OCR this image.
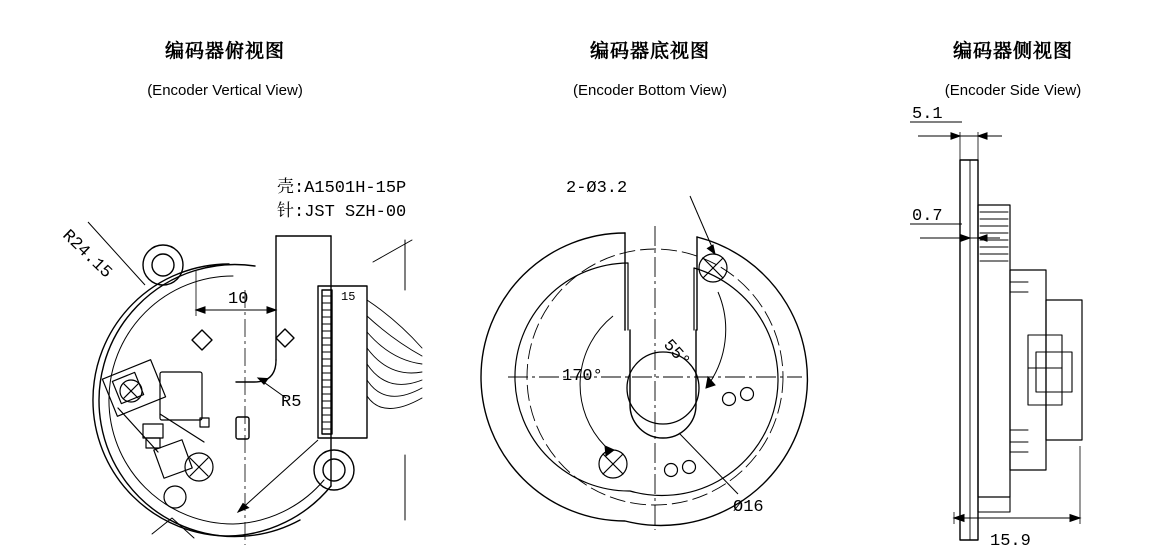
编码器俯视图
(Encoder Vertical View)
R24.15
10
R5
壳:A1501H-15P
针:JST SZH-00
15
编码器底视图
(Encoder Bottom View)
2-Ø3.2
55°
170°
Ø16
编码器侧视图
(Encoder Side View)
5.1
0.7
15.9
